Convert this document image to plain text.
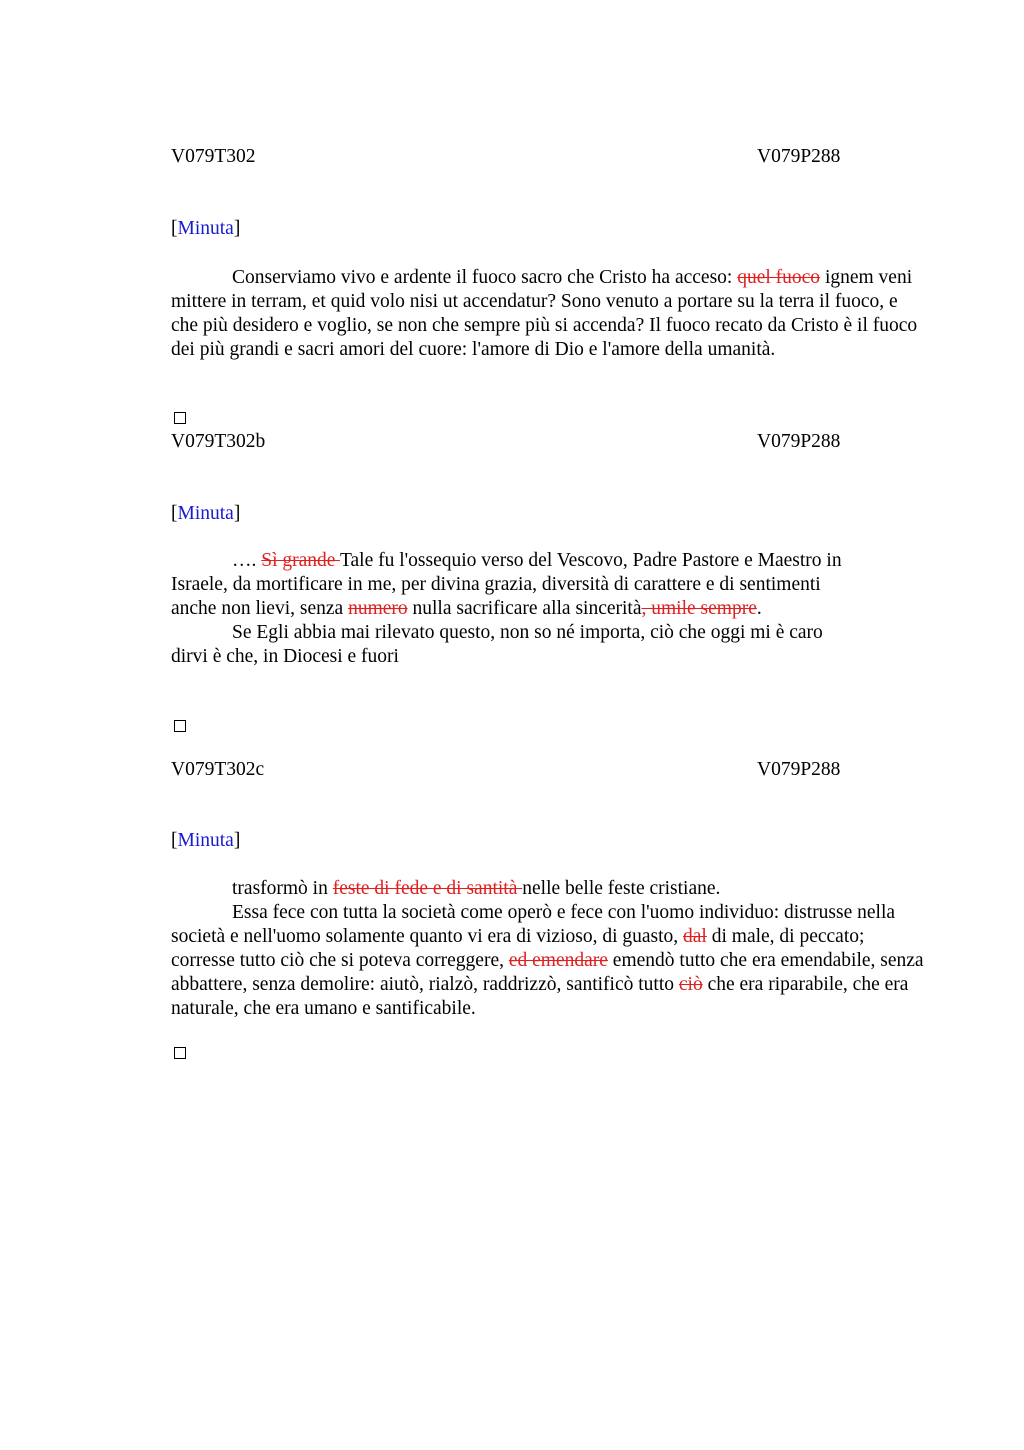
V079T302	V079P288
[Minuta]

Conserviamo vivo e ardente il fuoco sacro che Cristo ha acceso: quel fuoco ignem veni mittere in terram, et quid volo nisi ut accendatur? Sono venuto a portare su la terra il fuoco, e che più desidero e voglio, se non che sempre più si accenda? Il fuoco recato da Cristo è il fuoco dei più grandi e sacri amori del cuore: l'amore di Dio e l'amore della umanità.

V079T302b	V079P288
[Minuta]

…. Sì grande Tale fu l'ossequio verso del Vescovo, Padre Pastore e Maestro in Israele, da mortificare in me, per divina grazia, diversità di carattere e di sentimenti anche non lievi, senza numero nulla sacrificare alla sincerità, umile sempre.

Se Egli abbia mai rilevato questo, non so né importa, ciò che oggi mi è caro dirvi è che, in Diocesi e fuori

V079T302c	V079P288
[Minuta]

trasformò in feste di fede e di santità nelle belle feste cristiane.

Essa fece con tutta la società come operò e fece con l'uomo individuo: distrusse nella società e nell'uomo solamente quanto vi era di vizioso, di guasto, dal di male, di peccato; corresse tutto ciò che si poteva correggere, ed emendare emendò tutto che era emendabile, senza abbattere, senza demolire: aiutò, rialzò, raddrizzò, santificò tutto ciò che era riparabile, che era naturale, che era umano e santificabile.
